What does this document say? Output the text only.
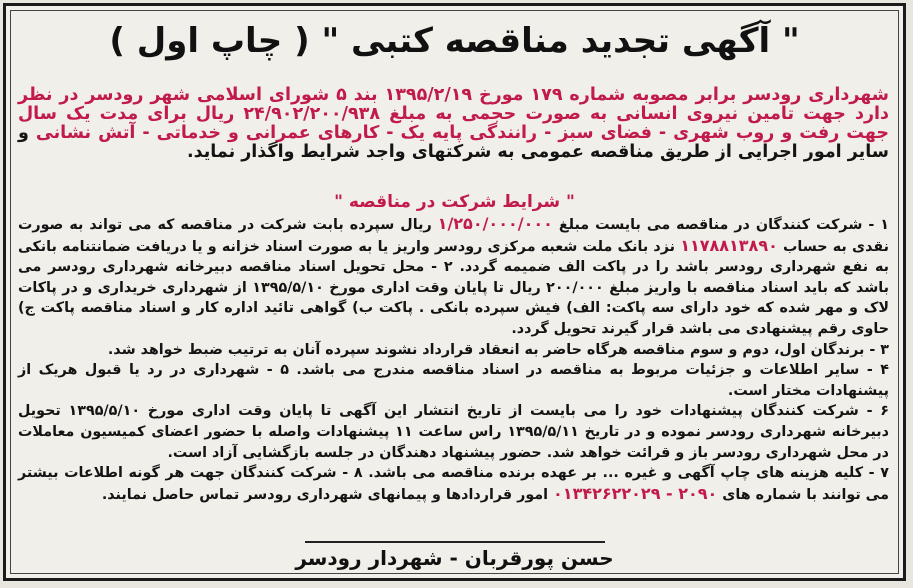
" آگهی تجدید مناقصه کتبی " ( چاپ اول )
شهرداری رودسر برابر مصوبه شماره ۱۷۹ مورخ ۱۳۹۵/۲/۱۹ بند ۵ شورای اسلامی شهر رودسر در نظر دارد جهت تامین نیروی انسانی به صورت حجمی به مبلغ ۲۴/۹۰۲/۲۰۰/۹۳۸ ریال برای مدت یک سال جهت رفت و روب شهری - فضای سبز - رانندگی پایه یک - کارهای عمرانی و خدماتی - آتش نشانی و سایر امور اجرایی از طریق مناقصه عمومی به شرکتهای واجد شرایط واگذار نماید.
" شرایط شرکت در مناقصه "
۱ - شرکت کنندگان در مناقصه می بایست مبلغ ۱/۲۵۰/۰۰۰/۰۰۰ ریال سپرده بابت شرکت در مناقصه که می تواند به صورت نقدی به حساب ۱۱۷۸۸۱۳۸۹۰ نزد بانک ملت شعبه مرکزی رودسر واریز یا به صورت اسناد خزانه و یا دریافت ضمانتنامه بانکی به نفع شهرداری رودسر باشد را در پاکت الف ضمیمه گردد. ۲ - محل تحویل اسناد مناقصه دبیرخانه شهرداری رودسر می باشد که باید اسناد مناقصه با واریز مبلغ ۲۰۰/۰۰۰ ریال تا پایان وقت اداری مورخ ۱۳۹۵/۵/۱۰ از شهرداری خریداری و در پاکات لاک و مهر شده که خود دارای سه پاکت: الف) فیش سپرده بانکی . پاکت ب) گواهی تائید اداره کار و اسناد مناقصه پاکت ج) حاوی رقم پیشنهادی می باشد قرار گیرند تحویل گردد.
۳ - برندگان اول، دوم و سوم مناقصه هرگاه حاضر به انعقاد قرارداد نشوند سپرده آنان به ترتیب ضبط خواهد شد.
۴ - سایر اطلاعات و جزئیات مربوط به مناقصه در اسناد مناقصه مندرج می باشد. ۵ - شهرداری در رد یا قبول هریک از پیشنهادات مختار است.
۶ - شرکت کنندگان پیشنهادات خود را می بایست از تاریخ انتشار این آگهی تا پایان وقت اداری مورخ ۱۳۹۵/۵/۱۰ تحویل دبیرخانه شهرداری رودسر نموده و در تاریخ ۱۳۹۵/۵/۱۱ راس ساعت ۱۱ پیشنهادات واصله با حضور اعضای کمیسیون معاملات در محل شهرداری رودسر باز و قرائت خواهد شد. حضور پیشنهاد دهندگان در جلسه بازگشایی آزاد است.
۷ - کلیه هزینه های چاپ آگهی و غیره ... بر عهده برنده مناقصه می باشد. ۸ - شرکت کنندگان جهت هر گونه اطلاعات بیشتر می توانند با شماره های ۲۰۹۰ - ۰۱۳۴۲۶۲۲۰۲۹ امور قراردادها و پیمانهای شهرداری رودسر تماس حاصل نمایند.
حسن پورقربان - شهردار رودسر
